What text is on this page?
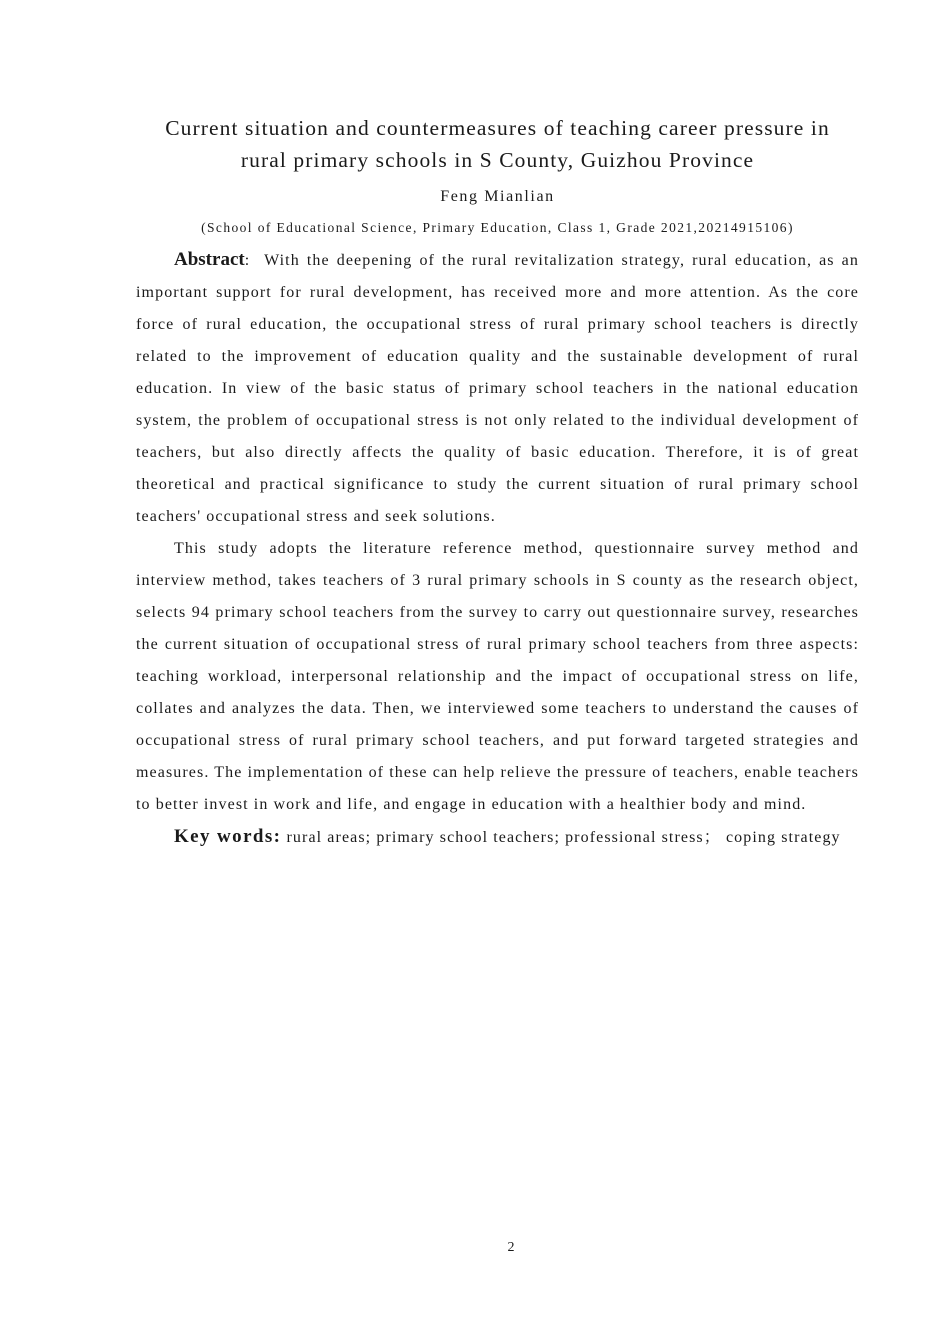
Current situation and countermeasures of teaching career pressure in
rural primary schools in S County, Guizhou Province
Feng Mianlian
(School of Educational Science, Primary Education, Class 1, Grade 2021,20214915106)

Abstract:  With the deepening of the rural revitalization strategy, rural education, as an important support for rural development, has received more and more attention. As the core force of rural education, the occupational stress of rural primary school teachers is directly related to the improvement of education quality and the sustainable development of rural education. In view of the basic status of primary school teachers in the national education system, the problem of occupational stress is not only related to the individual development of teachers, but also directly affects the quality of basic education. Therefore, it is of great theoretical and practical significance to study the current situation of rural primary school teachers' occupational stress and seek solutions.

This study adopts the literature reference method, questionnaire survey method and interview method, takes teachers of 3 rural primary schools in S county as the research object, selects 94 primary school teachers from the survey to carry out questionnaire survey, researches the current situation of occupational stress of rural primary school teachers from three aspects: teaching workload, interpersonal relationship and the impact of occupational stress on life, collates and analyzes the data. Then, we interviewed some teachers to understand the causes of occupational stress of rural primary school teachers, and put forward targeted strategies and measures. The implementation of these can help relieve the pressure of teachers, enable teachers to better invest in work and life, and engage in education with a healthier body and mind.

Key words: rural areas; primary school teachers; professional stress； coping strategy

2
